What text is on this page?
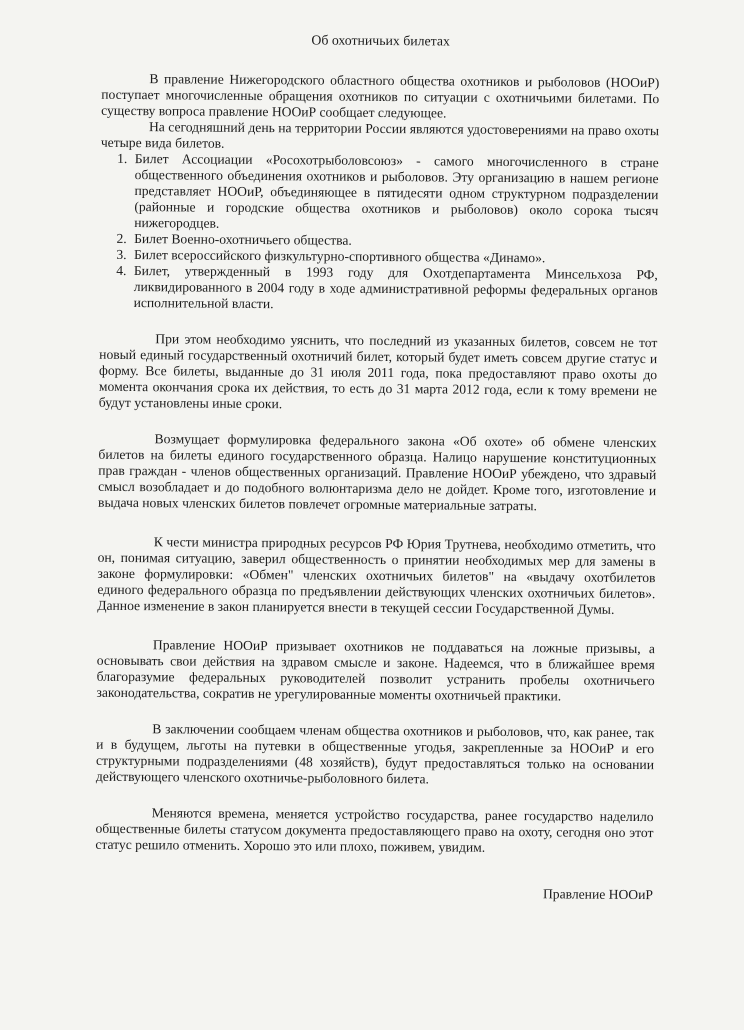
Об охотничьих билетах

В правление Нижегородского областного общества охотников и рыболовов (НООиР) поступает многочисленные обращения охотников по ситуации с охотничьими билетами. По существу вопроса правление НООиР сообщает следующее.

На сегодняшний день на территории России являются удостоверениями на право охоты четыре вида билетов.

1. Билет Ассоциации «Росохотрыболовсоюз» - самого многочисленного в стране общественного объединения охотников и рыболовов. Эту организацию в нашем регионе представляет НООиР, объединяющее в пятидесяти одном структурном подразделении (районные и городские общества охотников и рыболовов) около сорока тысяч нижегородцев.
2. Билет Военно-охотничьего общества.
3. Билет всероссийского физкультурно-спортивного общества «Динамо».
4. Билет, утвержденный в 1993 году для Охотдепартамента Минсельхоза РФ, ликвидированного в 2004 году в ходе административной реформы федеральных органов исполнительной власти.

При этом необходимо уяснить, что последний из указанных билетов, совсем не тот новый единый государственный охотничий билет, который будет иметь совсем другие статус и форму. Все билеты, выданные до 31 июля 2011 года, пока предоставляют право охоты до момента окончания срока их действия, то есть до 31 марта 2012 года, если к тому времени не будут установлены иные сроки.

Возмущает формулировка федерального закона «Об охоте» об обмене членских билетов на билеты единого государственного образца. Налицо нарушение конституционных прав граждан - членов общественных организаций. Правление НООиР убеждено, что здравый смысл возобладает и до подобного волюнтаризма дело не дойдет. Кроме того, изготовление и выдача новых членских билетов повлечет огромные материальные затраты.

К чести министра природных ресурсов РФ Юрия Трутнева, необходимо отметить, что он, понимая ситуацию, заверил общественность о принятии необходимых мер для замены в законе формулировки: «Обмен" членских охотничьих билетов" на «выдачу охотбилетов единого федерального образца по предъявлении действующих членских охотничьих билетов». Данное изменение в закон планируется внести в текущей сессии Государственной Думы.

Правление НООиР призывает охотников не поддаваться на ложные призывы, а основывать свои действия на здравом смысле и законе. Надеемся, что в ближайшее время благоразумие федеральных руководителей позволит устранить пробелы охотничьего законодательства, сократив не урегулированные моменты охотничьей практики.

В заключении сообщаем членам общества охотников и рыболовов, что, как ранее, так и в будущем, льготы на путевки в общественные угодья, закрепленные за НООиР и его структурными подразделениями (48 хозяйств), будут предоставляться только на основании действующего членского охотничье-рыболовного билета.

Меняются времена, меняется устройство государства, ранее государство наделило общественные билеты статусом документа предоставляющего право на охоту, сегодня оно этот статус решило отменить. Хорошо это или плохо, поживем, увидим.

Правление НООиР
